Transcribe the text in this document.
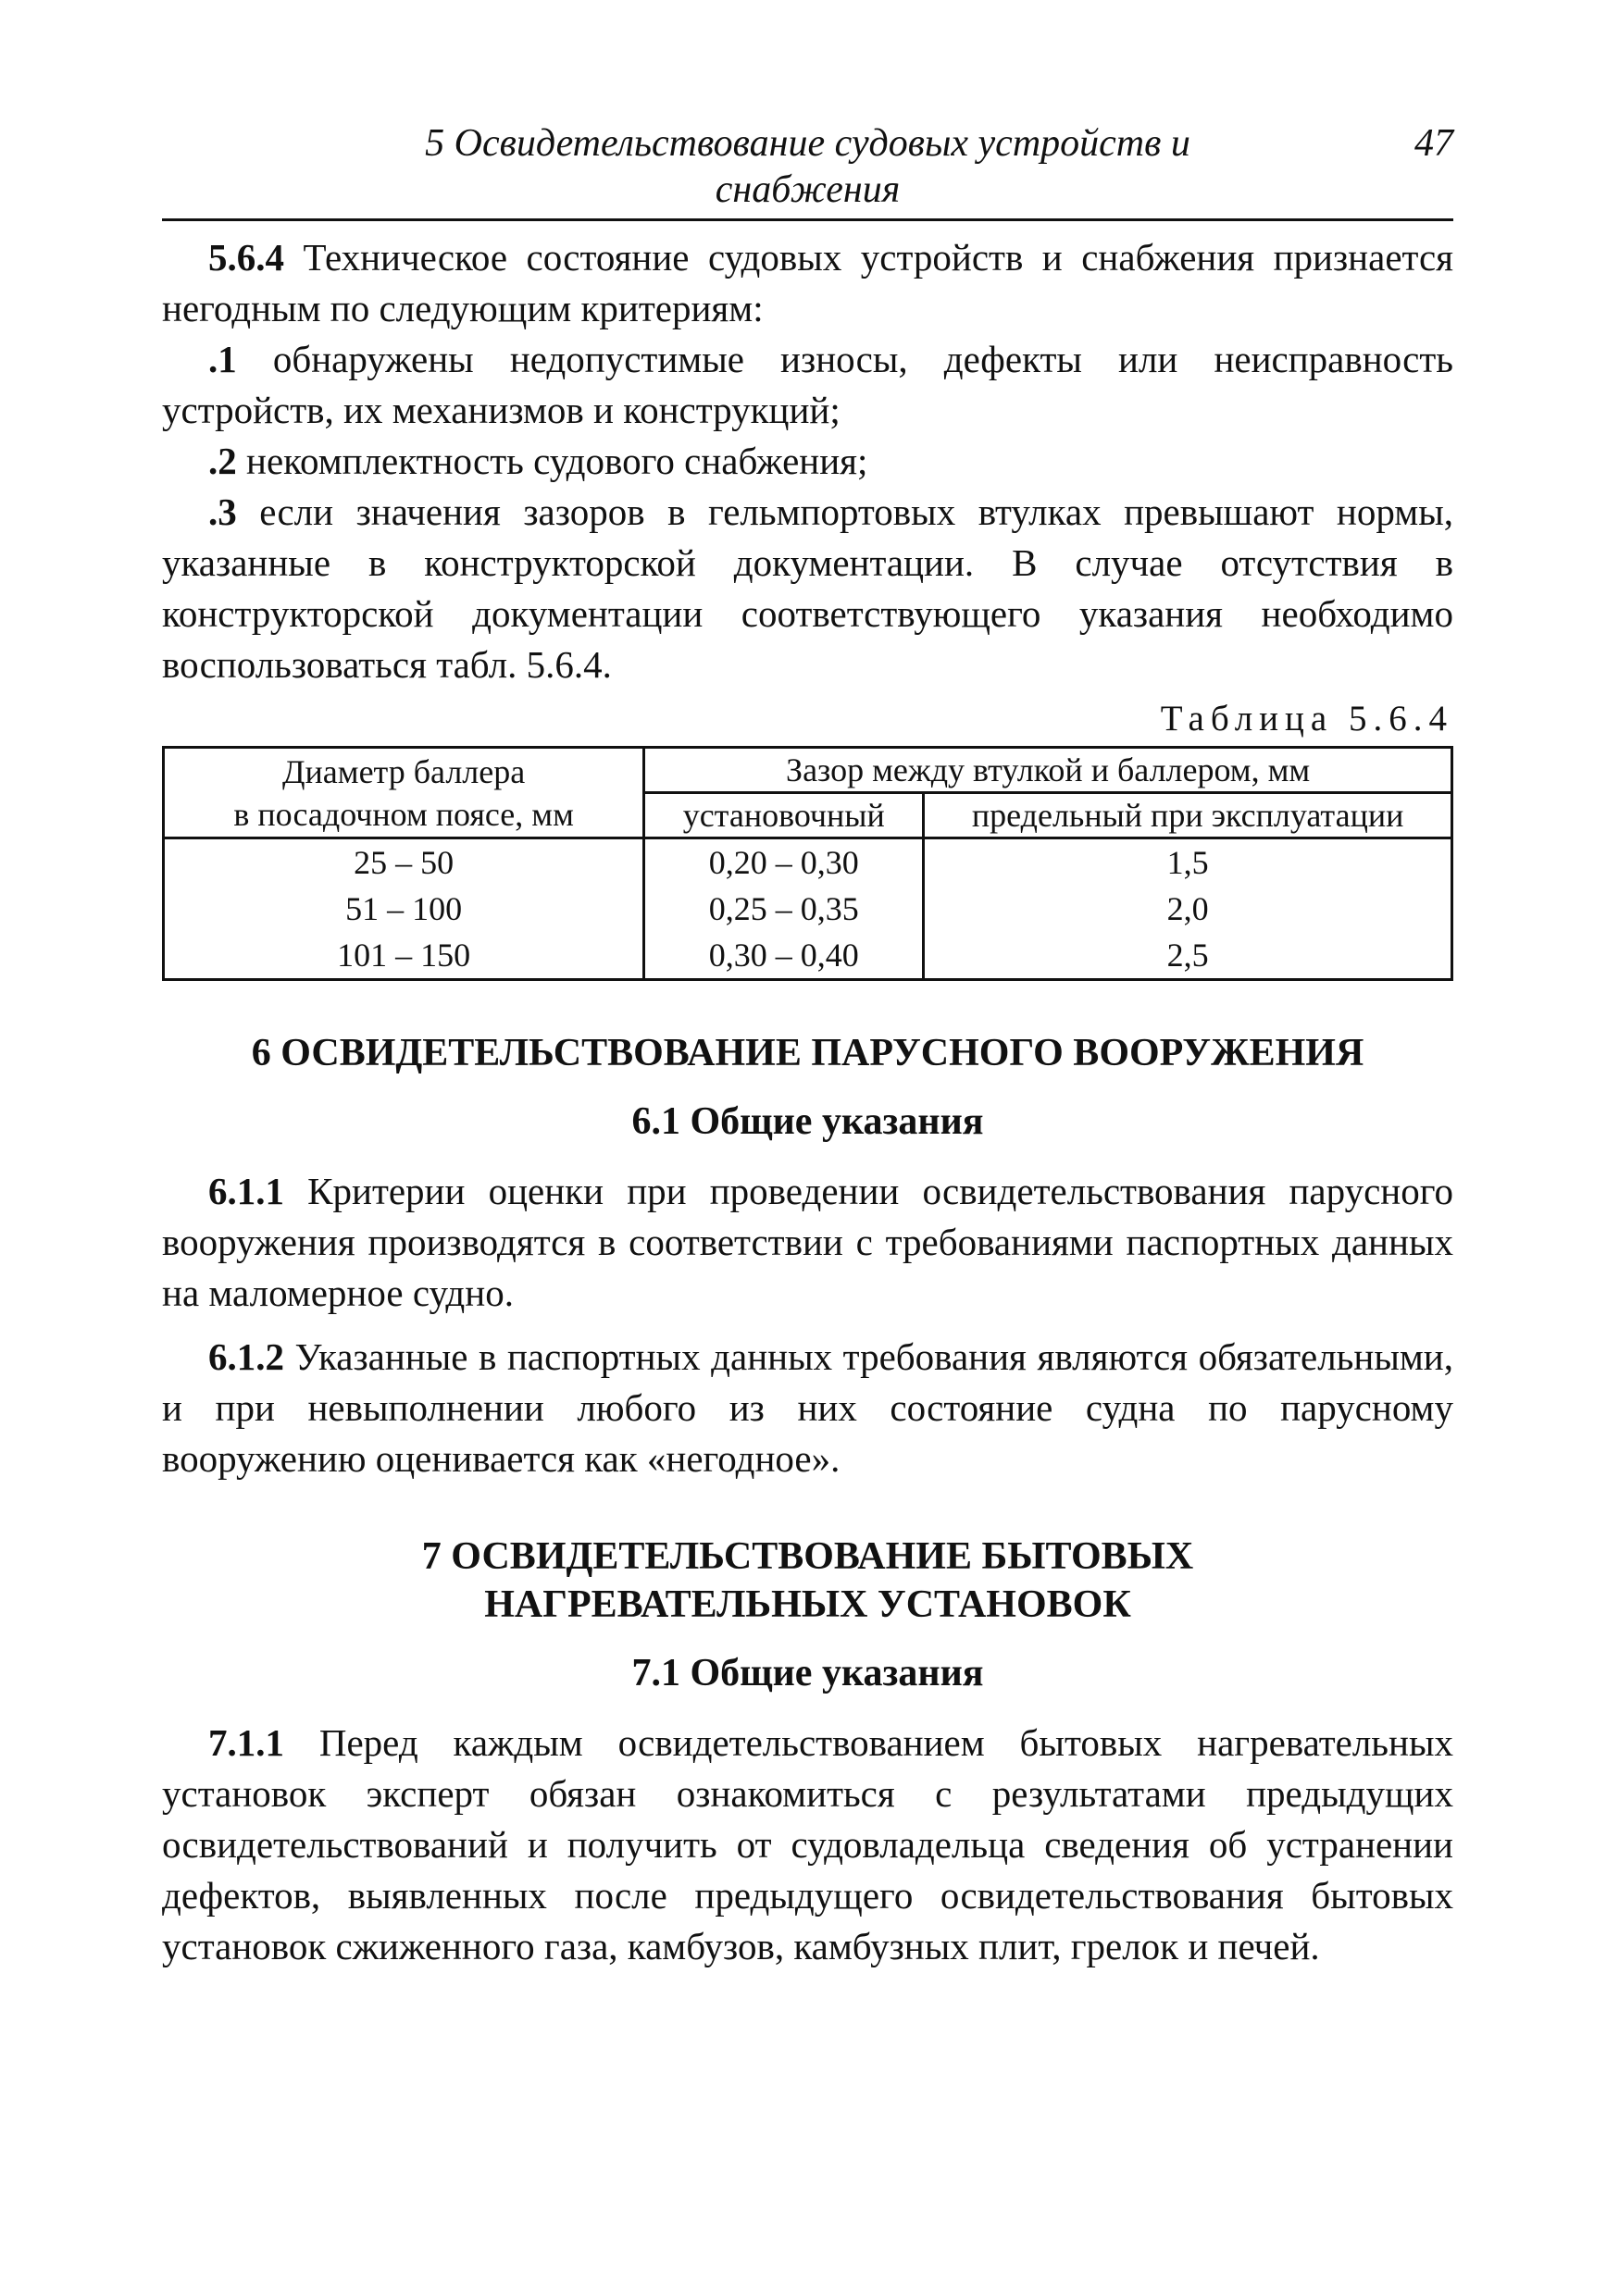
5 Освидетельствование судовых устройств и
снабжения
47

5.6.4 Техническое состояние судовых устройств и снабжения признается негодным по следующим критериям:

.1 обнаружены недопустимые износы, дефекты или неисправность устройств, их механизмов и конструкций;

.2 некомплектность судового снабжения;

.3 если значения зазоров в гельмпортовых втулках превышают нормы, указанные в конструкторской документации. В случае отсутствия в конструкторской документации соответствующего указания необходимо воспользоваться табл. 5.6.4.

Таблица 5.6.4
Диаметр баллера
в посадочном поясе, мм	Зазор между втулкой и баллером, мм	
	установочный	предельный при эксплуатации
25 – 50	0,20 – 0,30	1,5
51 – 100	0,25 – 0,35	2,0
101 – 150	0,30 – 0,40	2,5
6 ОСВИДЕТЕЛЬСТВОВАНИЕ ПАРУСНОГО ВООРУЖЕНИЯ
6.1 Общие указания

6.1.1 Критерии оценки при проведении освидетельствования парусного вооружения производятся в соответствии с требованиями паспортных данных на маломерное судно.

6.1.2 Указанные в паспортных данных требования являются обязательными, и при невыполнении любого из них состояние судна по парусному вооружению оценивается как «негодное».

7 ОСВИДЕТЕЛЬСТВОВАНИЕ БЫТОВЫХ
НАГРЕВАТЕЛЬНЫХ УСТАНОВОК
7.1 Общие указания

7.1.1 Перед каждым освидетельствованием бытовых нагревательных установок эксперт обязан ознакомиться с результатами предыдущих освидетельствований и получить от судовладельца сведения об устранении дефектов, выявленных после предыдущего освидетельствования бытовых установок сжиженного газа, камбузов, камбузных плит, грелок и печей.
